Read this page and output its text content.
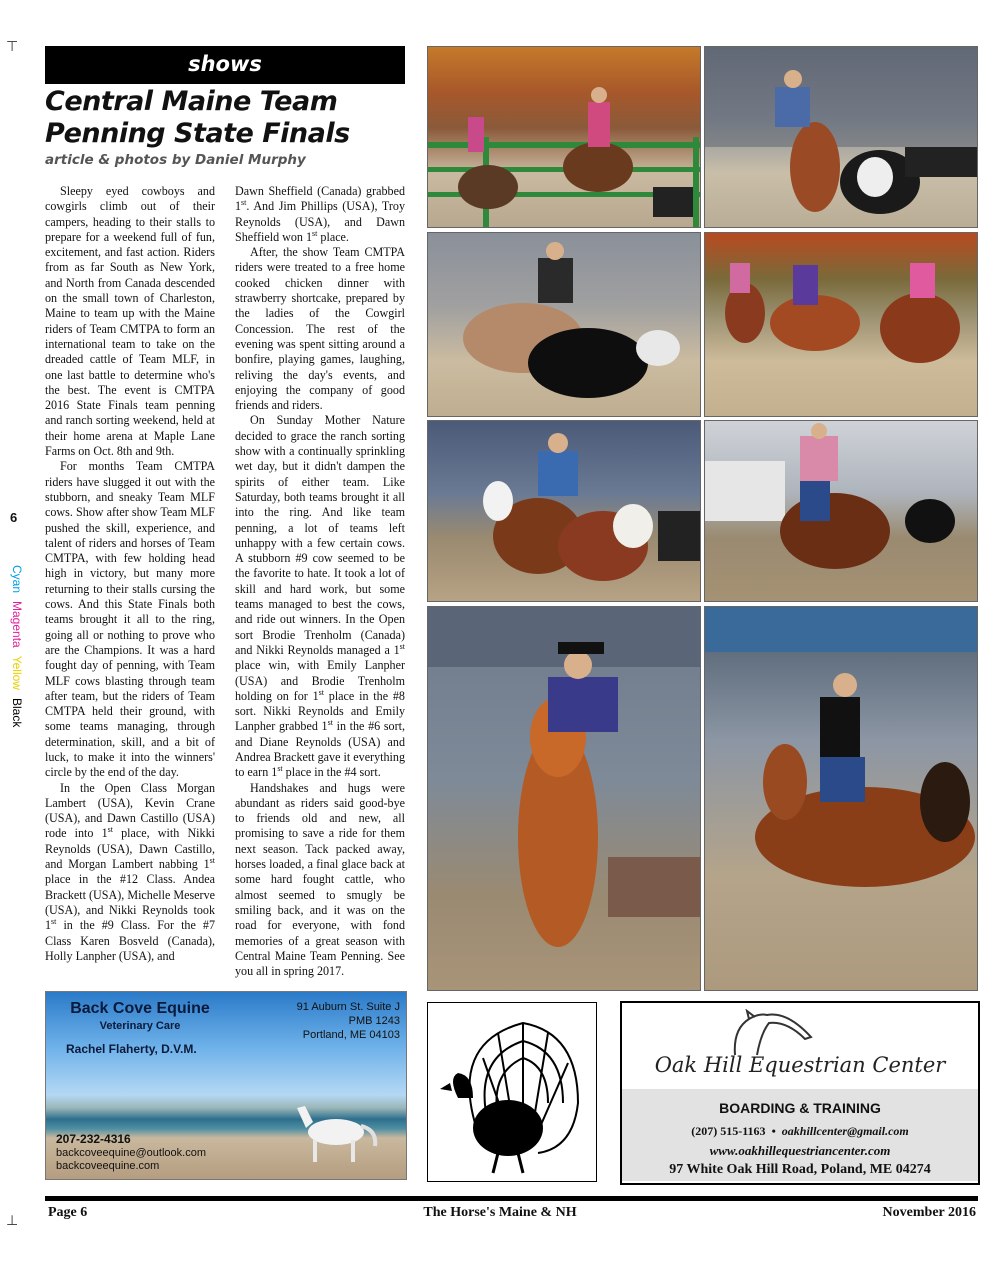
⊤
⊥
6
CyanMagentaYellowBlack
shows
Central Maine Team
Penning State Finals
article & photos by Daniel Murphy

Sleepy eyed cowboys and cowgirls climb out of their campers, heading to their stalls to prepare for a weekend full of fun, excitement, and fast action. Riders from as far South as New York, and North from Canada descended on the small town of Charleston, Maine to team up with the Maine riders of Team CMTPA to form an international team to take on the dreaded cattle of Team MLF, in one last battle to determine who's the best. The event is CMTPA 2016 State Finals team penning and ranch sorting weekend, held at their home arena at Maple Lane Farms on Oct. 8th and 9th.

For months Team CMTPA riders have slugged it out with the stubborn, and sneaky Team MLF cows. Show after show Team MLF pushed the skill, experience, and talent of riders and horses of Team CMTPA, with few holding head high in victory, but many more returning to their stalls cursing the cows. And this State Finals both teams brought it all to the ring, going all or nothing to prove who are the Champions. It was a hard fought day of penning, with Team MLF cows blasting through team after team, but the riders of Team CMTPA held their ground, with some teams managing, through determination, skill, and a bit of luck, to make it into the winners' circle by the end of the day.

In the Open Class Morgan Lambert (USA), Kevin Crane (USA), and Dawn Castillo (USA) rode into 1st place, with Nikki Reynolds (USA), Dawn Castillo, and Morgan Lambert nabbing 1st place in the #12 Class. Andea Brackett (USA), Michelle Meserve (USA), and Nikki Reynolds took 1st in the #9 Class. For the #7 Class Karen Bosveld (Canada), Holly Lanpher (USA), and

Dawn Sheffield (Canada) grabbed 1st. And Jim Phillips (USA), Troy Reynolds (USA), and Dawn Sheffield won 1st place.

After, the show Team CMTPA riders were treated to a free home cooked chicken dinner with strawberry shortcake, prepared by the ladies of the Cowgirl Concession. The rest of the evening was spent sitting around a bonfire, playing games, laughing, reliving the day's events, and enjoying the company of good friends and riders.

On Sunday Mother Nature decided to grace the ranch sorting show with a continually sprinkling wet day, but it didn't dampen the spirits of either team. Like Saturday, both teams brought it all into the ring. And like team penning, a lot of teams left unhappy with a few certain cows. A stubborn #9 cow seemed to be the favorite to hate. It took a lot of skill and hard work, but some teams managed to best the cows, and ride out winners. In the Open sort Brodie Trenholm (Canada) and Nikki Reynolds managed a 1st place win, with Emily Lanpher (USA) and Brodie Trenholm holding on for 1st place in the #8 sort. Nikki Reynolds and Emily Lanpher grabbed 1st in the #6 sort, and Diane Reynolds (USA) and Andrea Brackett gave it everything to earn 1st place in the #4 sort.

Handshakes and hugs were abundant as riders said good-bye to friends old and new, all promising to save a ride for them next season. Tack packed away, horses loaded, a final glace back at some hard fought cattle, who almost seemed to smugly be smiling back, and it was on the road for everyone, with fond memories of a great season with Central Maine Team Penning. See you all in spring 2017.

Back Cove Equine
Veterinary Care
Rachel Flaherty, D.V.M.
91 Auburn St. Suite J
PMB 1243
Portland, ME 04103
207-232-4316
backcoveequine@outlook.com
backcoveequine.com
Oak Hill Equestrian Center
BOARDING & TRAINING
(207) 515-1163 • oakhillcenter@gmail.com
www.oakhillequestriancenter.com
97 White Oak Hill Road, Poland, ME 04274
Page 6	The Horse's Maine & NH	November 2016
